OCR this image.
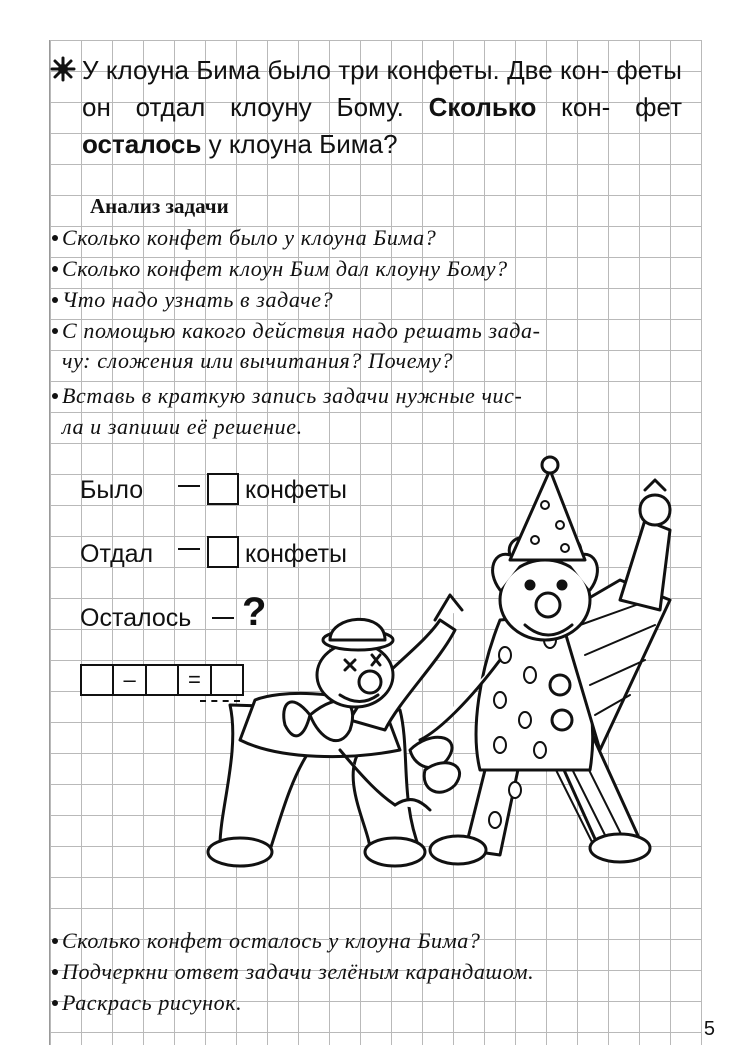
У клоуна Бима было три конфеты. Две кон- феты он отдал клоуну Бому. Сколько кон- фет осталось у клоуна Бима?
Анализ задачи
Сколько конфет было у клоуна Бима?
Сколько конфет клоун Бим дал клоуну Бому?
Что надо узнать в задаче?
С помощью какого действия надо решать зада-
чу: сложения или вычитания? Почему?
Вставь в краткую запись задачи нужные чис-
ла и запиши её решение.
Было	конфеты
Отдал	конфеты
Осталось ?
–	=
Сколько конфет осталось у клоуна Бима?
Подчеркни ответ задачи зелёным карандашом.
Раскрась рисунок.
5
